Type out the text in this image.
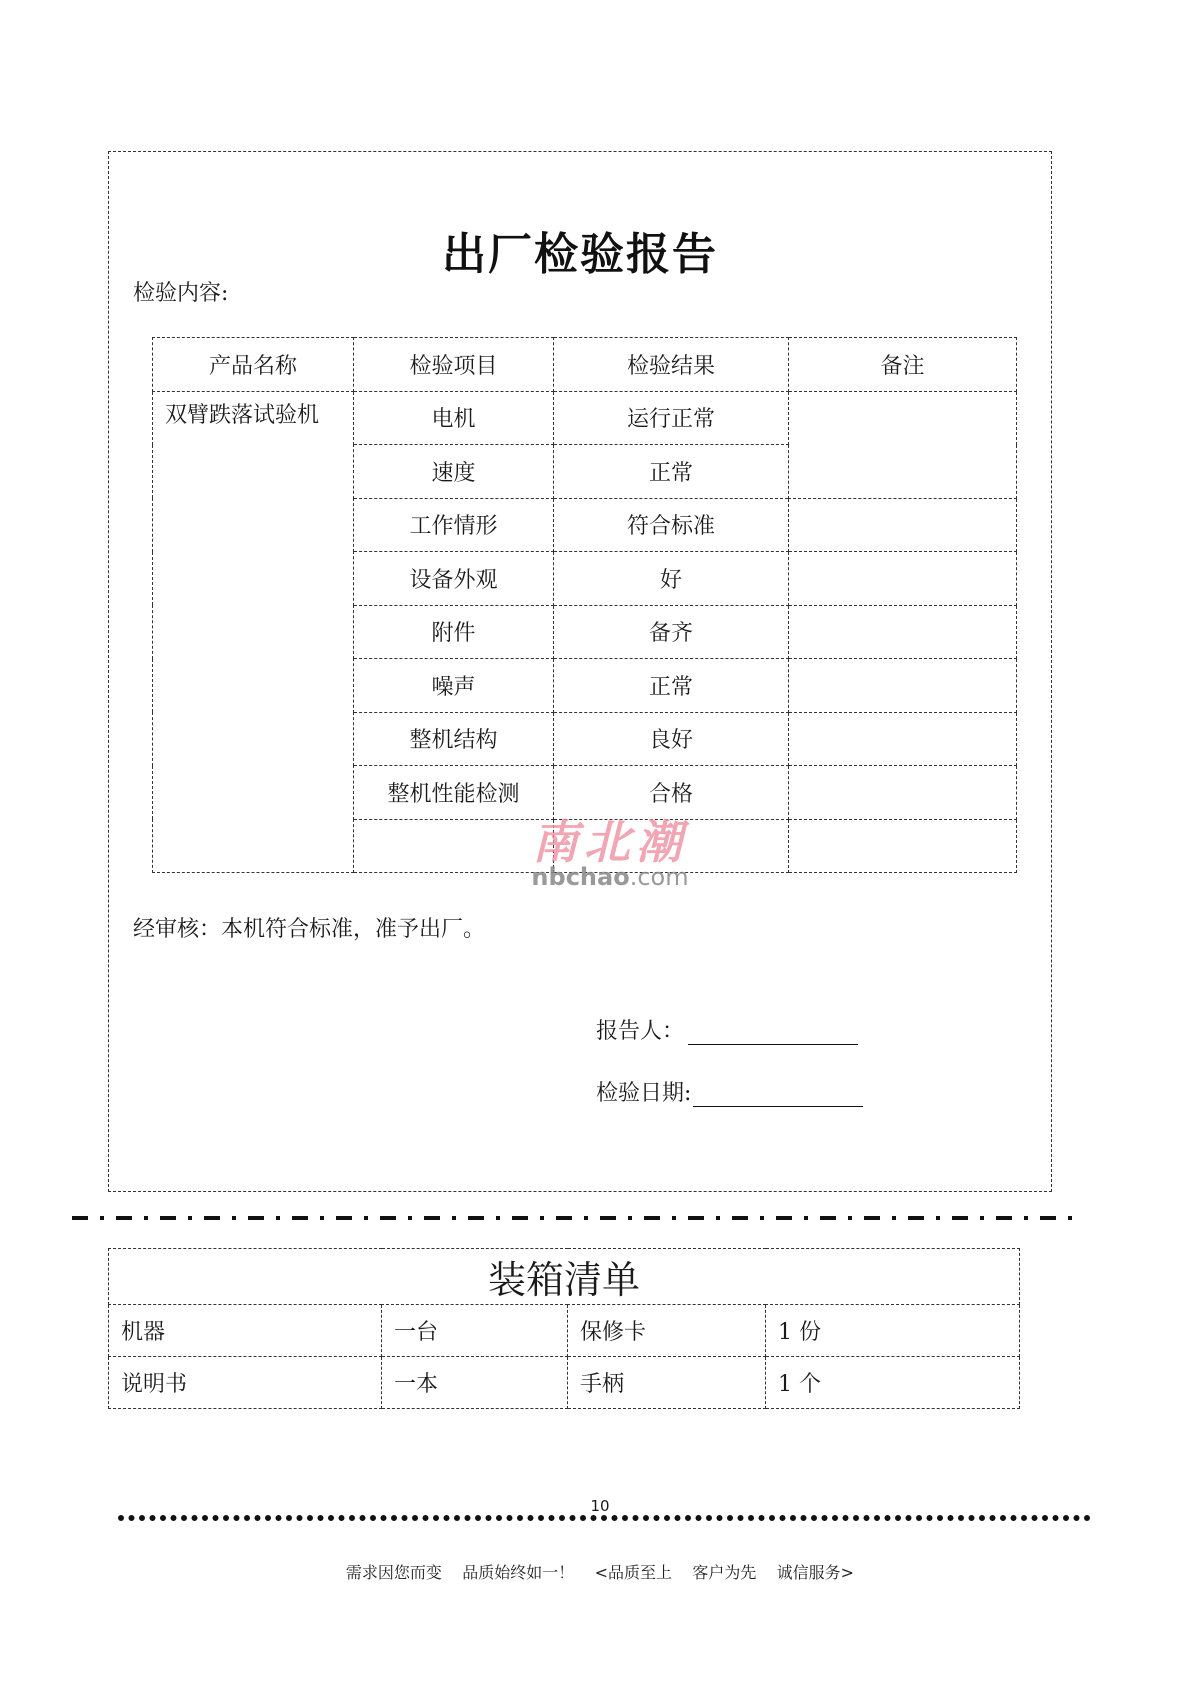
出厂检验报告
检验内容:
产品名称	检验项目	检验结果	备注
双臂跌落试验机	电机	运行正常	
	速度	正常	
	工作情形	符合标准	
	设备外观	好	
	附件	备齐	
	噪声	正常	
	整机结构	良好	
	整机性能检测	合格	

南北潮
nbchao.com
经审核：本机符合标准，准予出厂。
报告人：
检验日期:
装箱清单			
机器	一台	保修卡	1 份
说明书	一本	手柄	1 个
10
需求因您而变    品质始终如一！    <品质至上    客户为先    诚信服务>
